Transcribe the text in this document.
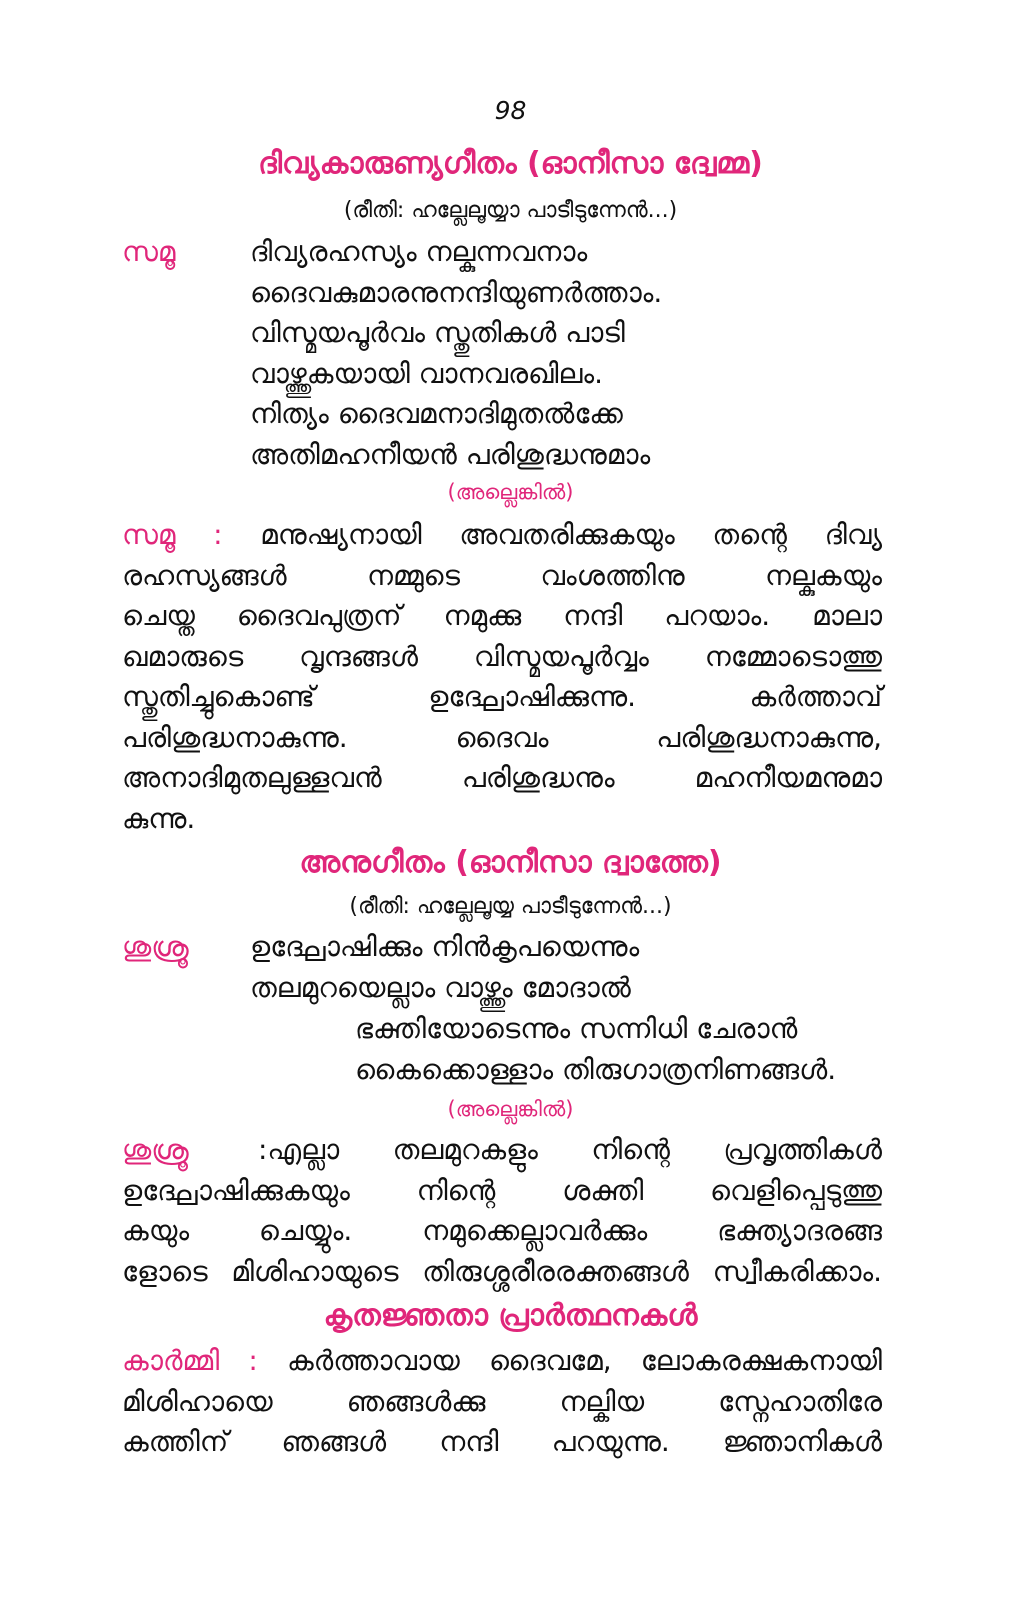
98
ദിവ്യകാരുണ്യഗീതം (ഓനീസാ ദ്വേമ്മ)
(രീതി: ഹല്ലേലൂയ്യാ പാടീടുന്നേൻ...)
സമൂ	ദിവ്യരഹസ്യം നല്കുന്നവനാം
ദൈവകുമാരനുനന്ദിയുണർത്താം.
വിസ്മയപൂർവം സ്തുതികൾ പാടി
വാഴ്ത്തുകയായി വാനവരഖിലം.
നിത്യം ദൈവമനാദിമുതൽക്കേ
അതിമഹനീയൻ പരിശുദ്ധനുമാം
(അല്ലെങ്കിൽ)
സമൂ : മനുഷ്യനായി അവതരിക്കുകയും തന്റെ ദിവ്യ
രഹസ്യങ്ങൾ നമ്മുടെ വംശത്തിനു നല്കുകയും
ചെയ്ത ദൈവപുത്രന് നമുക്കു നന്ദി പറയാം. മാലാ
ഖമാരുടെ വൃന്ദങ്ങൾ വിസ്മയപൂർവ്വം നമ്മോടൊത്തു
സ്തുതിച്ചുകൊണ്ട് ഉദ്ഘോഷിക്കുന്നു. കർത്താവ്
പരിശുദ്ധനാകുന്നു. ദൈവം പരിശുദ്ധനാകുന്നു,
അനാദിമുതലുള്ളവൻ പരിശുദ്ധനും മഹനീയമനുമാ
കുന്നു.
അനുഗീതം (ഓനീസാ ദ്വാത്തേ)
(രീതി: ഹല്ലേലൂയ്യ പാടീടുന്നേൻ...)
ശുശ്രൂ ഉദ്ഘോഷിക്കും നിൻകൃപയെന്നും
തലമുറയെല്ലാം വാഴ്ത്തും മോദാൽ
ഭക്തിയോടെന്നും സന്നിധി ചേരാൻ
കൈക്കൊള്ളാം തിരുഗാത്രനിണങ്ങൾ.
(അല്ലെങ്കിൽ)
ശുശ്രൂ :എല്ലാ തലമുറകളും നിന്റെ പ്രവൃത്തികൾ
ഉദ്ഘോഷിക്കുകയും നിന്റെ ശക്തി വെളിപ്പെടുത്തു
കയും ചെയ്യും. നമുക്കെല്ലാവർക്കും ഭക്ത്യാദരങ്ങ
ളോടെ മിശിഹായുടെ തിരുശ്ശരീരരക്തങ്ങൾ സ്വീകരിക്കാം.
കൃതജ്ഞതാ പ്രാർത്ഥനകൾ
കാർമ്മി : കർത്താവായ ദൈവമേ, ലോകരക്ഷകനായി
മിശിഹായെ ഞങ്ങൾക്കു നല്കിയ സ്നേഹാതിരേ
കത്തിന് ഞങ്ങൾ നന്ദി പറയുന്നു. ജ്ഞാനികൾ
